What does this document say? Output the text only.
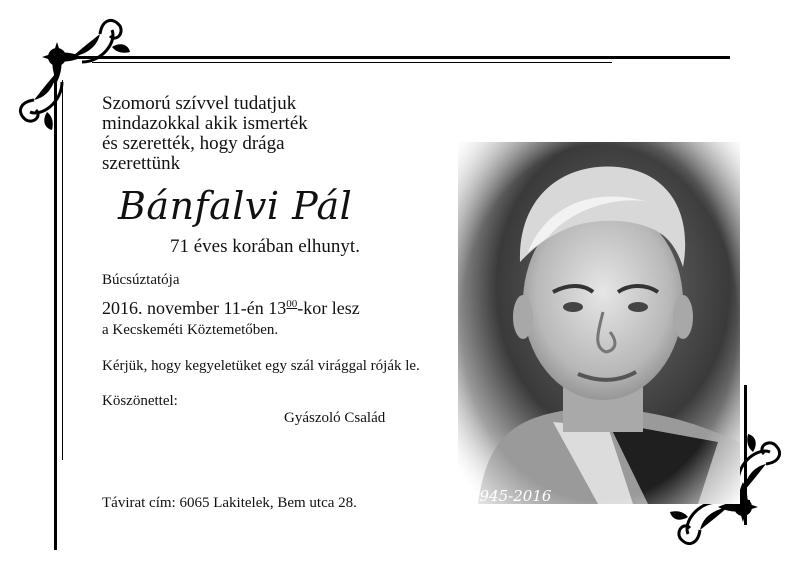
Szomorú szívvel tudatjuk
mindazokkal akik ismerték
és szerették, hogy drága
szerettünk
Bánfalvi Pál
71 éves korában elhunyt.
Búcsúztatója
2016. november 11-én $13^{00}$-kor lesz
a Kecskeméti Köztemetőben.
Kérjük, hogy kegyeletüket egy szál virággal róják le.
Köszönettel:
Gyászoló Család
Távirat cím: 6065 Lakitelek, Bem utca 28.	1945-2016
